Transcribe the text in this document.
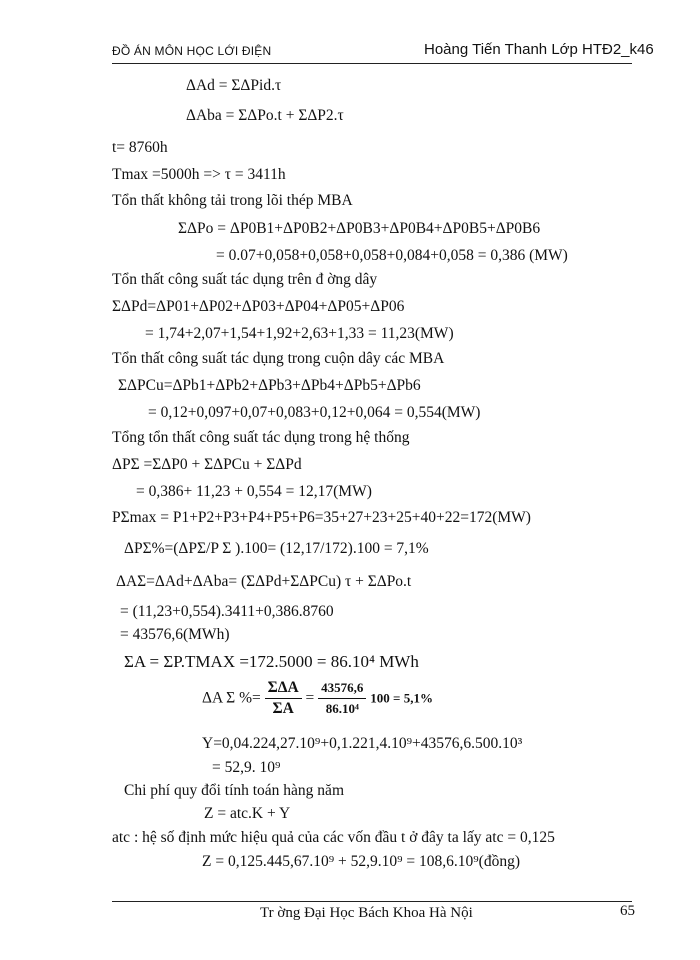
ĐỒ ÁN MÔN HỌC LỚI ĐIỆN	Hoàng Tiến Thanh Lớp HTĐ2_k46
ΔAd = ΣΔPid.τ
ΔAba = ΣΔPo.t + ΣΔP2.τ
t= 8760h
Tmax =5000h => τ = 3411h
Tổn thất không tải trong lõi thép MBA
ΣΔPo = ΔP0B1+ΔP0B2+ΔP0B3+ΔP0B4+ΔP0B5+ΔP0B6
= 0.07+0,058+0,058+0,058+0,084+0,058 = 0,386 (MW)
Tổn thất công suất tác dụng trên đ ờng dây
ΣΔPd=ΔP01+ΔP02+ΔP03+ΔP04+ΔP05+ΔP06
= 1,74+2,07+1,54+1,92+2,63+1,33 = 11,23(MW)
Tổn thất công suất tác dụng trong cuộn dây các MBA
ΣΔPCu=ΔPb1+ΔPb2+ΔPb3+ΔPb4+ΔPb5+ΔPb6
= 0,12+0,097+0,07+0,083+0,12+0,064 = 0,554(MW)
Tổng tổn thất công suất tác dụng trong hệ thống
ΔPΣ =ΣΔP0 + ΣΔPCu + ΣΔPd
= 0,386+ 11,23 + 0,554 = 12,17(MW)
PΣmax = P1+P2+P3+P4+P5+P6=35+27+23+25+40+22=172(MW)
ΔPΣ%=(ΔPΣ/P Σ ).100= (12,17/172).100 = 7,1%
ΔAΣ=ΔAd+ΔAba= (ΣΔPd+ΣΔPCu) τ + ΣΔPo.t
= (11,23+0,554).3411+0,386.8760
= 43576,6(MWh)
ΣA = ΣP.TMAX =172.5000 = 86.10⁴ MWh
ΔA Σ %= $\frac{\text{ΣΔA}}{\Sigma A} = \frac{43576,6}{\text{86.10⁴}} 100 = 5,1\%$
Y=0,04.224,27.10⁹+0,1.221,4.10⁹+43576,6.500.10³
= 52,9. 10⁹
Chi phí quy đổi tính toán hàng năm
Z = atc.K + Y
atc : hệ số định mức hiệu quả của các vốn đầu t ở đây ta lấy atc = 0,125
Z = 0,125.445,67.10⁹ + 52,9.10⁹ = 108,6.10⁹(đồng)
Tr ờng Đại Học Bách Khoa Hà Nội	65
